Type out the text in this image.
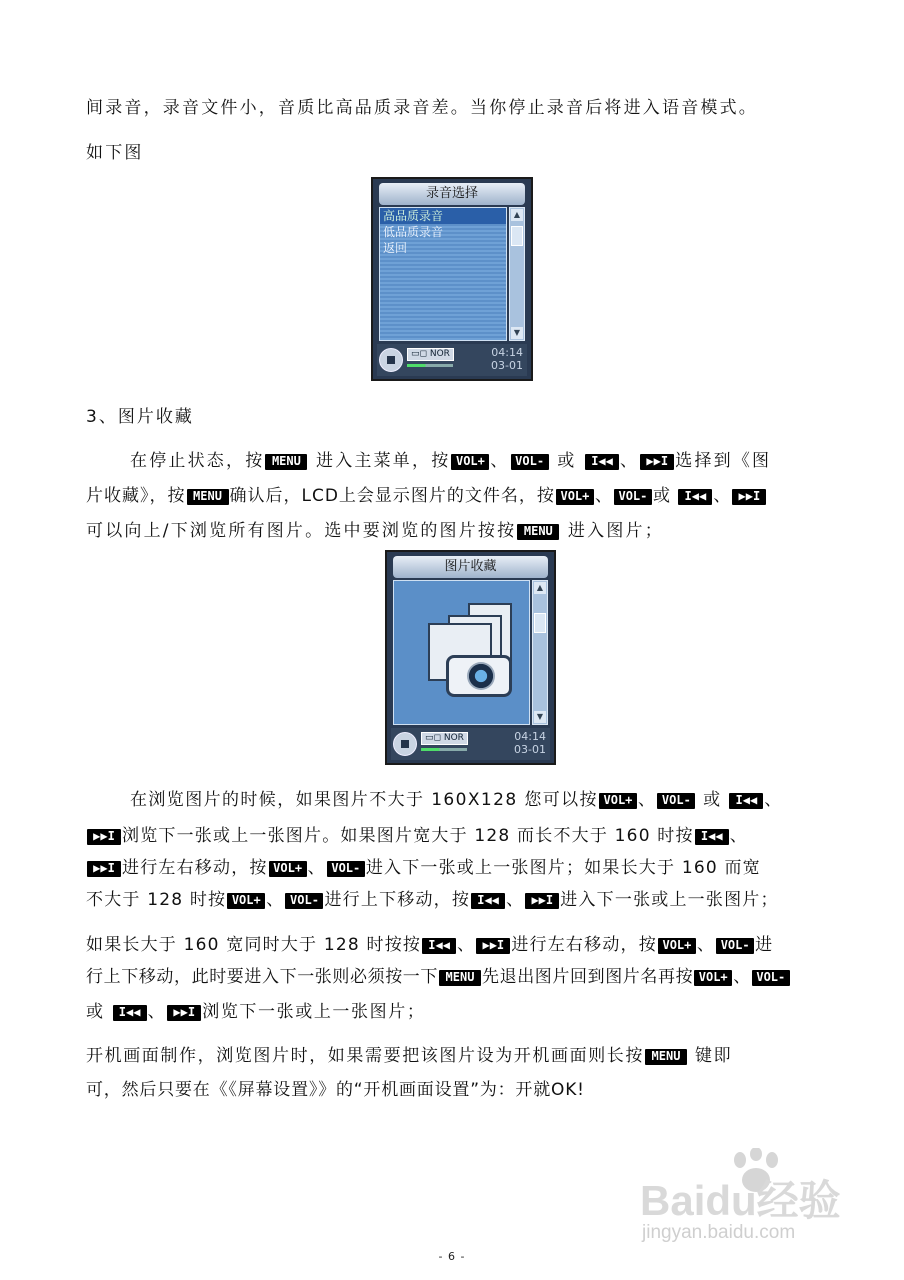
间录音，录音文件小，音质比高品质录音差。当你停止录音后将进入语音模式。
如下图
录音选择
高品质录音
低品质录音
返回
▲
▼
▭◻ NOR	04:14
03-01
3、图片收藏
在停止状态，按 MENU 进入主菜单，按 VOL+ 、 VOL- 或 I◀◀ 、 ▶▶I 选择到《图
片收藏》，按 MENU 确认后，LCD上会显示图片的文件名，按 VOL+ 、 VOL- 或 I◀◀ 、 ▶▶I
可以向上/下浏览所有图片。选中要浏览的图片按按 MENU 进入图片；
图片收藏
▲
▼
▭◻ NOR	04:14
03-01
在浏览图片的时候，如果图片不大于 160X128 您可以按 VOL+ 、 VOL- 或 I◀◀ 、
▶▶I 浏览下一张或上一张图片。如果图片宽大于 128 而长不大于 160 时按 I◀◀ 、
▶▶I 进行左右移动，按 VOL+ 、 VOL- 进入下一张或上一张图片；如果长大于 160 而宽
不大于 128 时按 VOL+ 、 VOL- 进行上下移动，按 I◀◀ 、 ▶▶I 进入下一张或上一张图片；
如果长大于 160 宽同时大于 128 时按按 I◀◀ 、 ▶▶I 进行左右移动，按 VOL+ 、 VOL- 进
行上下移动，此时要进入下一张则必须按一下 MENU 先退出图片回到图片名再按 VOL+ 、 VOL-
或 I◀◀ 、 ▶▶I 浏览下一张或上一张图片；
开机画面制作，浏览图片时，如果需要把该图片设为开机画面则长按 MENU 键即
可，然后只要在《《屏幕设置》》的“开机画面设置”为：开就OK!
Baidu经验
jingyan.baidu.com
- 6 -
